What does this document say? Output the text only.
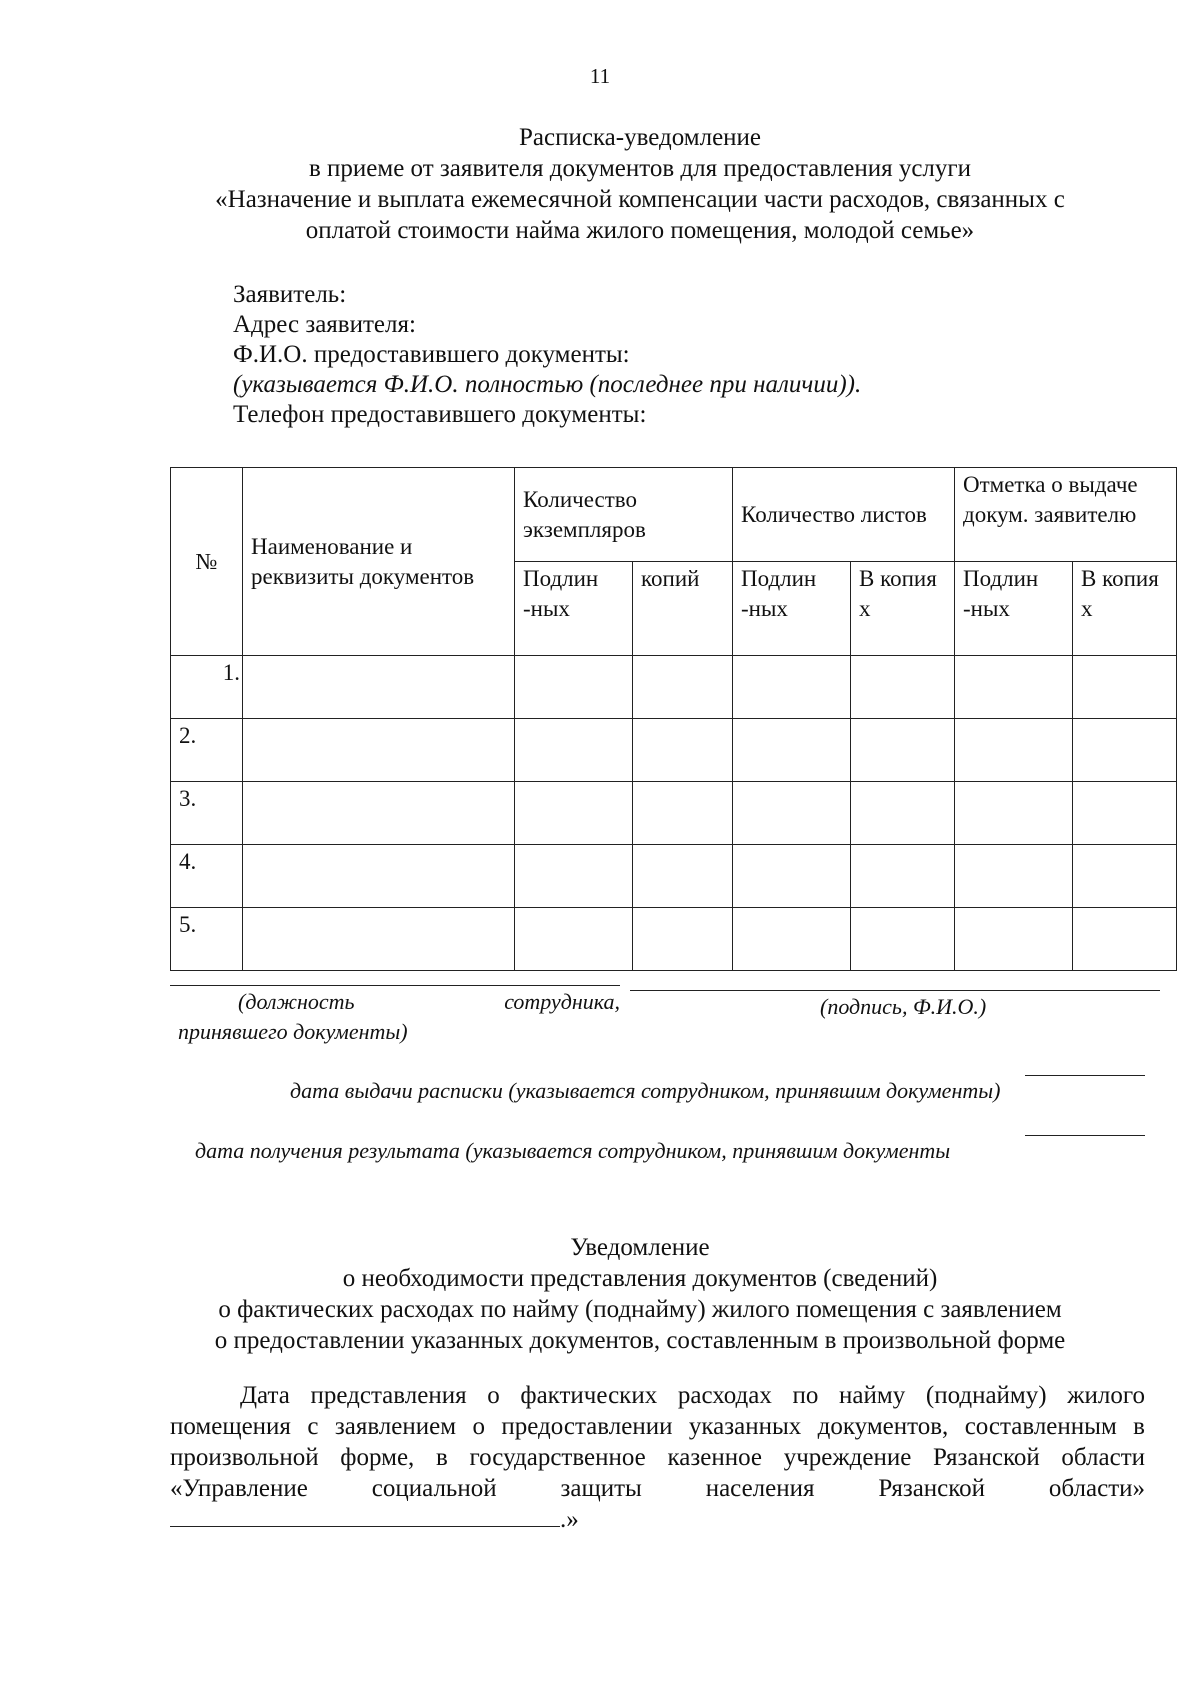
11
Расписка-уведомление
в приеме от заявителя документов для предоставления услуги
«Назначение и выплата ежемесячной компенсации части расходов, связанных с
оплатой стоимости найма жилого помещения, молодой семье»
Заявитель:
Адрес заявителя:
Ф.И.О. предоставившего документы:
(указывается Ф.И.О. полностью (последнее при наличии)).
Телефон предоставившего документы:
№	Наименование и реквизиты документов	Количество экземпляров		Количество листов		Отметка о выдаче докум. заявителю	
		Подлин -ных	копий	Подлин -ных	В копия х	Подлин -ных	В копия х
1.							
2.							
3.							
4.							
5.							
(должность сотрудника,
принявшего документы)
(подпись, Ф.И.О.)
дата выдачи расписки (указывается сотрудником, принявшим документы)
дата получения результата (указывается сотрудником, принявшим документы
Уведомление
о необходимости представления документов (сведений)
о фактических расходах по найму (поднайму) жилого помещения с заявлением
о предоставлении указанных документов, составленным в произвольной форме
Дата представления о фактических расходах по найму (поднайму) жилого помещения с заявлением о предоставлении указанных документов, составленным в произвольной форме, в государственное казенное учреждение Рязанской области «Управление социальной защиты населения Рязанской области» .»
